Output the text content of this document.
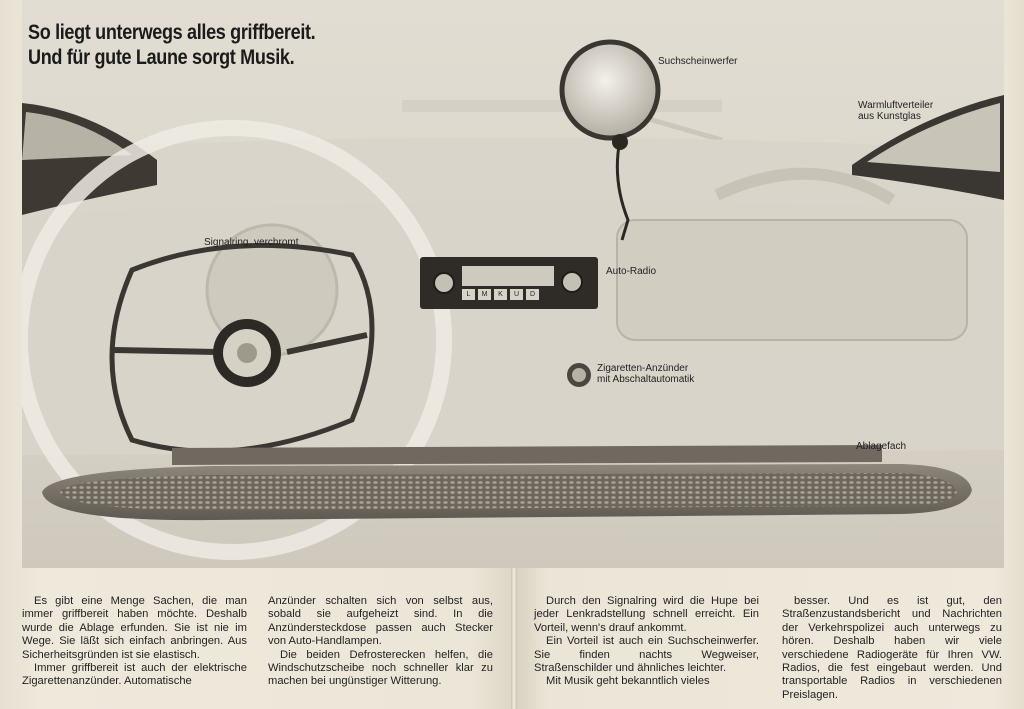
So liegt unterwegs alles griffbereit.
Und für gute Laune sorgt Musik.	Suchscheinwerfer
Warmluftverteiler
aus Kunstglas
Signalring, verchromt
Auto-Radio
Zigaretten-Anzünder
mit Abschaltautomatik
Ablagefach
L	M	K	U	D

Es gibt eine Menge Sachen, die man immer griffbereit haben möchte. Deshalb wurde die Ablage erfunden. Sie ist nie im Wege. Sie läßt sich einfach anbringen. Aus Sicherheitsgründen ist sie elastisch.

Immer griffbereit ist auch der elektrische Zigarettenanzünder. Automatische

Anzünder schalten sich von selbst aus, sobald sie aufgeheizt sind. In die Anzündersteckdose passen auch Stecker von Auto-Handlampen.

Die beiden Defrosterecken helfen, die Windschutzscheibe noch schneller klar zu machen bei ungünstiger Witterung.

Durch den Signalring wird die Hupe bei jeder Lenkradstellung schnell erreicht. Ein Vorteil, wenn's drauf ankommt.

Ein Vorteil ist auch ein Suchscheinwerfer. Sie finden nachts Wegweiser, Straßenschilder und ähnliches leichter.

Mit Musik geht bekanntlich vieles

besser. Und es ist gut, den Straßenzustandsbericht und Nachrichten der Verkehrspolizei auch unterwegs zu hören. Deshalb haben wir viele verschiedene Radiogeräte für Ihren VW. Radios, die fest eingebaut werden. Und transportable Radios in verschiedenen Preislagen.
